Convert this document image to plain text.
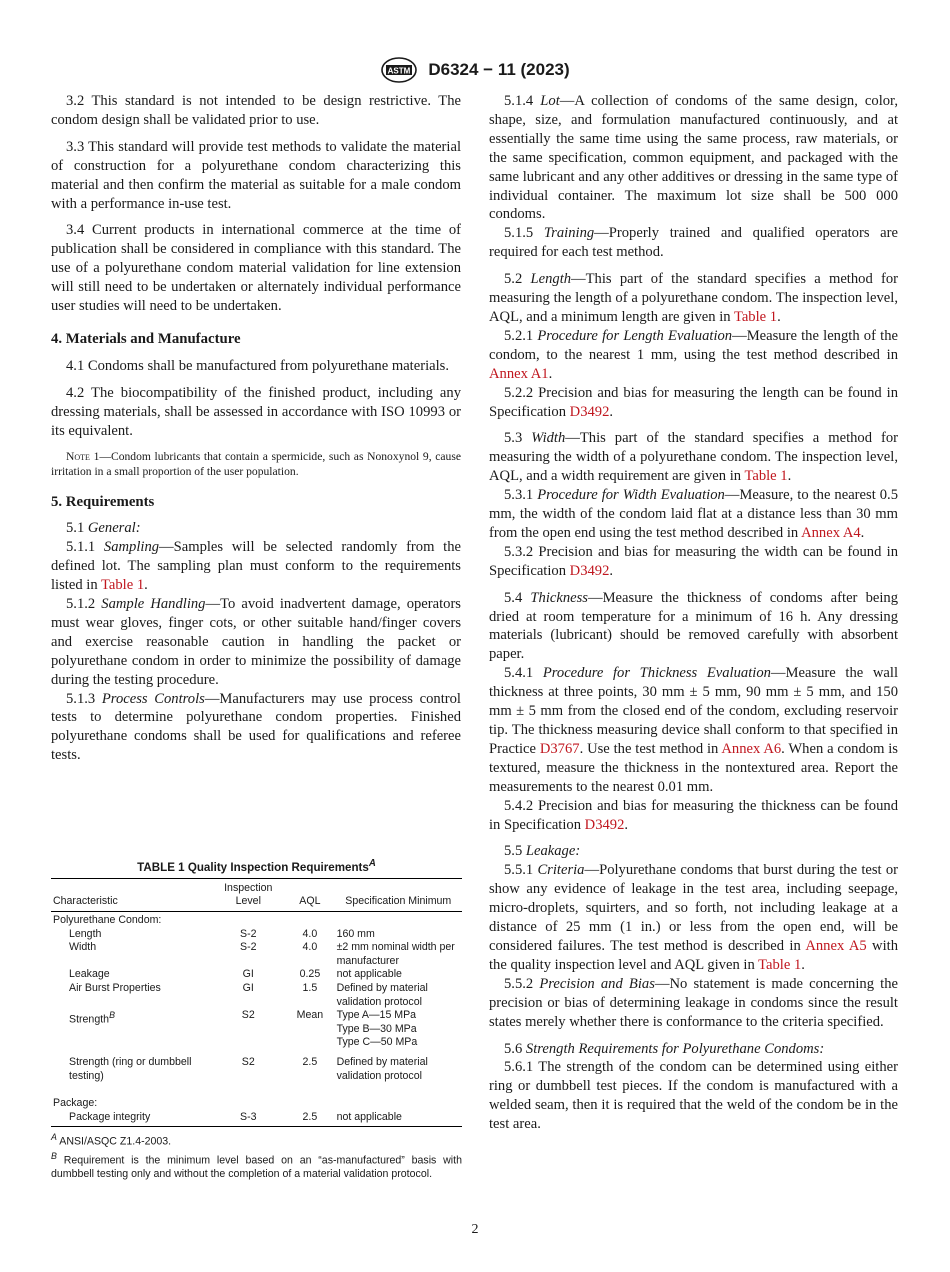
ASTM D6324 − 11 (2023)

3.2 This standard is not intended to be design restrictive. The condom design shall be validated prior to use.

3.3 This standard will provide test methods to validate the material of construction for a polyurethane condom characterizing this material and then confirm the material as suitable for a male condom with a performance in-use test.

3.4 Current products in international commerce at the time of publication shall be considered in compliance with this standard. The use of a polyurethane condom material validation for line extension will still need to be undertaken or alternately individual performance user studies will need to be undertaken.

4. Materials and Manufacture

4.1 Condoms shall be manufactured from polyurethane materials.

4.2 The biocompatibility of the finished product, including any dressing materials, shall be assessed in accordance with ISO 10993 or its equivalent.

Note 1—Condom lubricants that contain a spermicide, such as Nonoxynol 9, cause irritation in a small proportion of the user population.
5. Requirements

5.1 General:

5.1.1 Sampling—Samples will be selected randomly from the defined lot. The sampling plan must conform to the requirements listed in Table 1.

5.1.2 Sample Handling—To avoid inadvertent damage, operators must wear gloves, finger cots, or other suitable hand/finger covers and exercise reasonable caution in handling the packet or polyurethane condom in order to minimize the possibility of damage during the testing procedure.

5.1.3 Process Controls—Manufacturers may use process control tests to determine polyurethane condom properties. Finished polyurethane condoms shall be used for qualifications and referee tests.

TABLE 1 Quality Inspection Requirements$^A$
Characteristic	Inspection Level	AQL	Specification Minimum
Polyurethane Condom:			
Length	S-2	4.0	160 mm
Width	S-2	4.0	±2 mm nominal width per manufacturer
Leakage	GI	0.25	not applicable
Air Burst Properties	GI	1.5	Defined by material validation protocol
Strength$^B$	S2	Mean	Type A—15 MPa
Type B—30 MPa
Type C—50 MPa

Strength (ring or dumbbell testing)	S2	2.5	Defined by material validation protocol

Package:			
Package integrity	S-3	2.5	not applicable
$^A$ ANSI/ASQC Z1.4-2003.
$^B$ Requirement is the minimum level based on an “as-manufactured” basis with dumbbell testing only and without the completion of a material validation protocol.

5.1.4 Lot—A collection of condoms of the same design, color, shape, size, and formulation manufactured continuously, and at essentially the same time using the same process, raw materials, or the same specification, common equipment, and packaged with the same lubricant and any other additives or dressing in the same type of individual container. The maximum lot size shall be 500 000 condoms.

5.1.5 Training—Properly trained and qualified operators are required for each test method.

5.2 Length—This part of the standard specifies a method for measuring the length of a polyurethane condom. The inspection level, AQL, and a minimum length are given in Table 1.

5.2.1 Procedure for Length Evaluation—Measure the length of the condom, to the nearest 1 mm, using the test method described in Annex A1.

5.2.2 Precision and bias for measuring the length can be found in Specification D3492.

5.3 Width—This part of the standard specifies a method for measuring the width of a polyurethane condom. The inspection level, AQL, and a width requirement are given in Table 1.

5.3.1 Procedure for Width Evaluation—Measure, to the nearest 0.5 mm, the width of the condom laid flat at a distance less than 30 mm from the open end using the test method described in Annex A4.

5.3.2 Precision and bias for measuring the width can be found in Specification D3492.

5.4 Thickness—Measure the thickness of condoms after being dried at room temperature for a minimum of 16 h. Any dressing materials (lubricant) should be removed carefully with absorbent paper.

5.4.1 Procedure for Thickness Evaluation—Measure the wall thickness at three points, 30 mm ± 5 mm, 90 mm ± 5 mm, and 150 mm ± 5 mm from the closed end of the condom, excluding reservoir tip. The thickness measuring device shall conform to that specified in Practice D3767. Use the test method in Annex A6. When a condom is textured, measure the thickness in the nontextured area. Report the measurements to the nearest 0.01 mm.

5.4.2 Precision and bias for measuring the thickness can be found in Specification D3492.

5.5 Leakage:

5.5.1 Criteria—Polyurethane condoms that burst during the test or show any evidence of leakage in the test area, including seepage, micro-droplets, squirters, and so forth, not including leakage at a distance of 25 mm (1 in.) or less from the open end, will be considered failures. The test method is described in Annex A5 with the quality inspection level and AQL given in Table 1.

5.5.2 Precision and Bias—No statement is made concerning the precision or bias of determining leakage in condoms since the result states merely whether there is conformance to the criteria specified.

5.6 Strength Requirements for Polyurethane Condoms:

5.6.1 The strength of the condom can be determined using either ring or dumbbell test pieces. If the condom is manufactured with a welded seam, then it is required that the weld of the condom be in the test area.

2
